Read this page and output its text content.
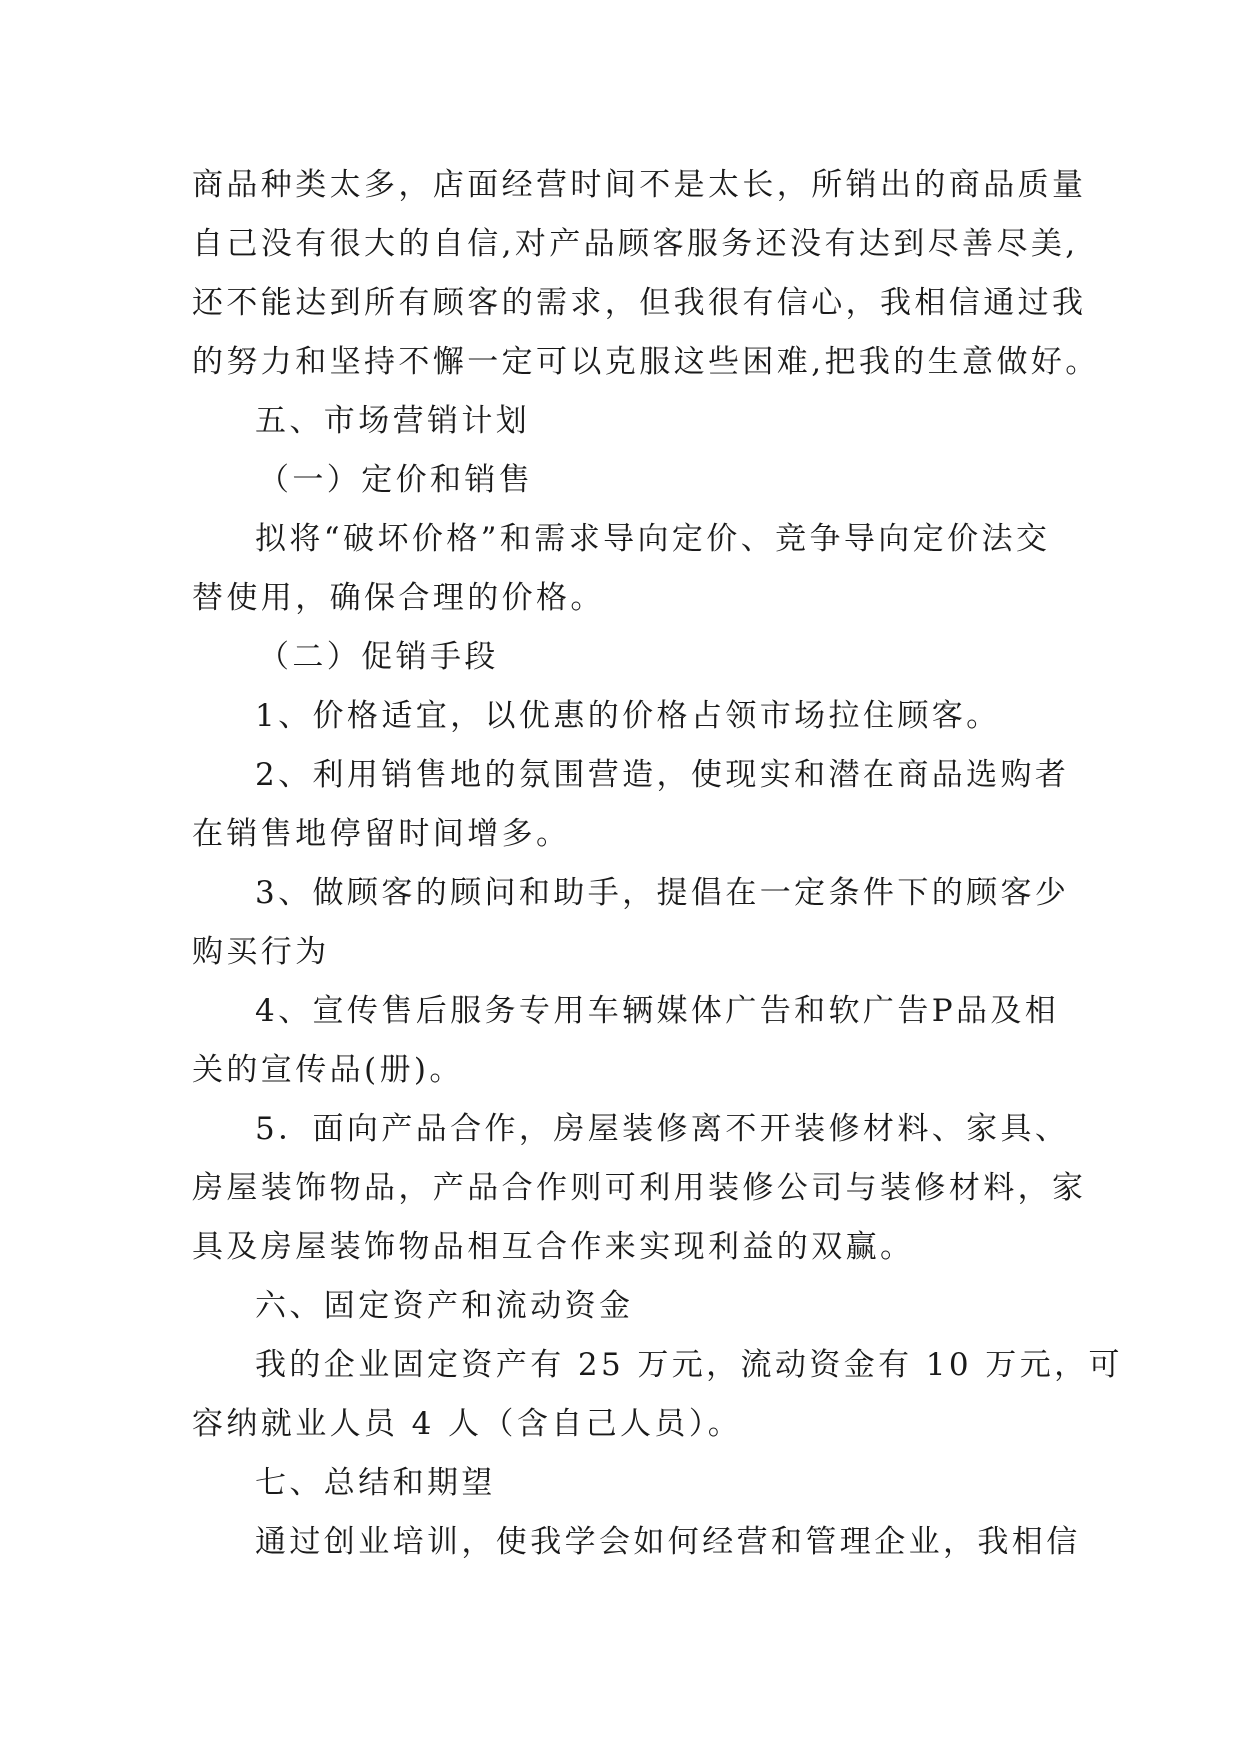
商品种类太多，店面经营时间不是太长，所销出的商品质量
自己没有很大的自信,对产品顾客服务还没有达到尽善尽美,
还不能达到所有顾客的需求，但我很有信心，我相信通过我
的努力和坚持不懈一定可以克服这些困难,把我的生意做好。
五、市场营销计划
（一）定价和销售
拟将“破坏价格”和需求导向定价、竞争导向定价法交
替使用，确保合理的价格。
（二）促销手段
1、价格适宜，以优惠的价格占领市场拉住顾客。
2、利用销售地的氛围营造，使现实和潜在商品选购者
在销售地停留时间增多。
3、做顾客的顾问和助手，提倡在一定条件下的顾客少
购买行为
4、宣传售后服务专用车辆媒体广告和软广告P品及相
关的宣传品(册)。
5．面向产品合作，房屋装修离不开装修材料、家具、
房屋装饰物品，产品合作则可利用装修公司与装修材料，家
具及房屋装饰物品相互合作来实现利益的双赢。
六、固定资产和流动资金
我的企业固定资产有 25 万元，流动资金有 10 万元，可
容纳就业人员 4 人（含自己人员）。
七、总结和期望
通过创业培训，使我学会如何经营和管理企业，我相信
